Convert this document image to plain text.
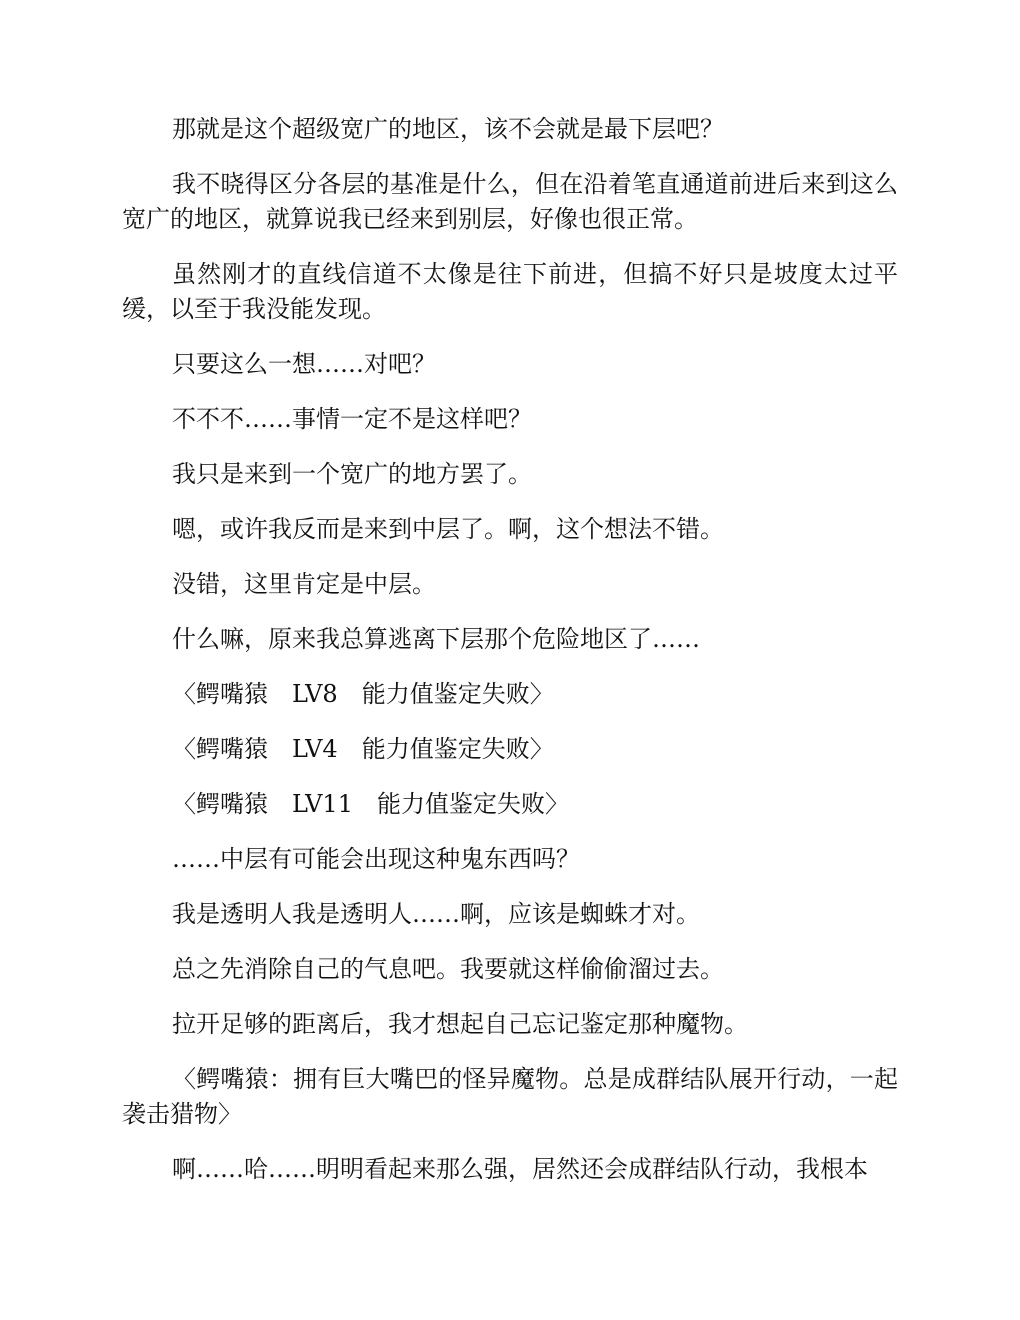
那就是这个超级宽广的地区，该不会就是最下层吧？

我不晓得区分各层的基准是什么，但在沿着笔直通道前进后来到这么宽广的地区，就算说我已经来到别层，好像也很正常。

虽然刚才的直线信道不太像是往下前进，但搞不好只是坡度太过平缓，以至于我没能发现。

只要这么一想……对吧？

不不不……事情一定不是这样吧？

我只是来到一个宽广的地方罢了。

嗯，或许我反而是来到中层了。啊，这个想法不错。

没错，这里肯定是中层。

什么嘛，原来我总算逃离下层那个危险地区了……

〈鳄嘴猿　LV8　能力值鉴定失败〉

〈鳄嘴猿　LV4　能力值鉴定失败〉

〈鳄嘴猿　LV11　能力值鉴定失败〉

……中层有可能会出现这种鬼东西吗？

我是透明人我是透明人……啊，应该是蜘蛛才对。

总之先消除自己的气息吧。我要就这样偷偷溜过去。

拉开足够的距离后，我才想起自己忘记鉴定那种魔物。

〈鳄嘴猿：拥有巨大嘴巴的怪异魔物。总是成群结队展开行动，一起袭击猎物〉

啊……哈……明明看起来那么强，居然还会成群结队行动，我根本
